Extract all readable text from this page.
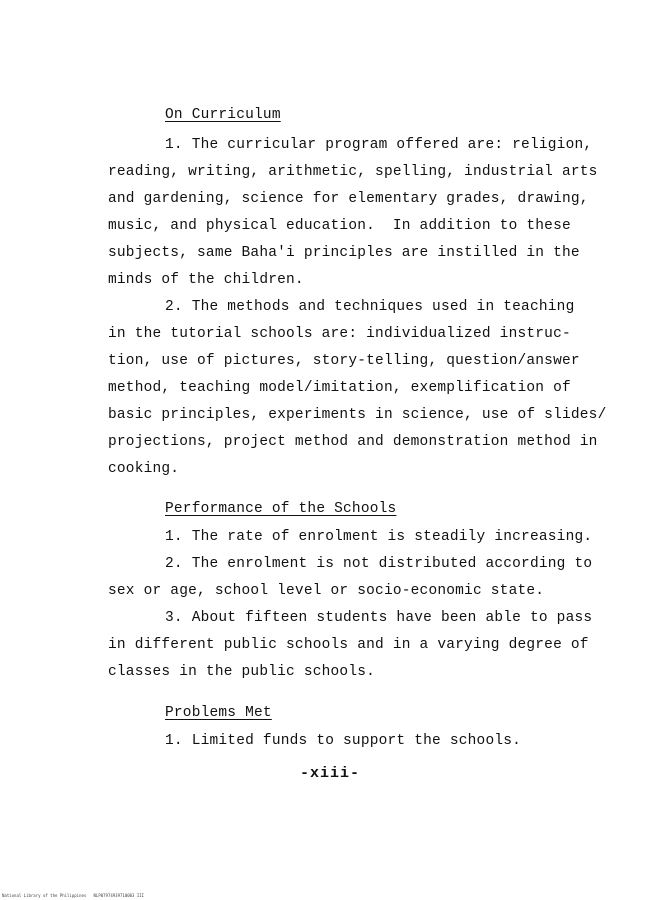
On Curriculum
1. The curricular program offered are: religion,
reading, writing, arithmetic, spelling, industrial arts
and gardening, science for elementary grades, drawing,
music, and physical education.  In addition to these
subjects, same Baha'i principles are instilled in the
minds of the children.
2. The methods and techniques used in teaching
in the tutorial schools are: individualized instruc-
tion, use of pictures, story-telling, question/answer
method, teaching model/imitation, exemplification of
basic principles, experiments in science, use of slides/
projections, project method and demonstration method in
cooking.
Performance of the Schools
1. The rate of enrolment is steadily increasing.
2. The enrolment is not distributed according to
sex or age, school level or socio-economic state.
3. About fifteen students have been able to pass
in different public schools and in a varying degree of
classes in the public schools.
Problems Met
1. Limited funds to support the schools.
-xiii-
National Library of the Philippines   NLP07974939710003 III
